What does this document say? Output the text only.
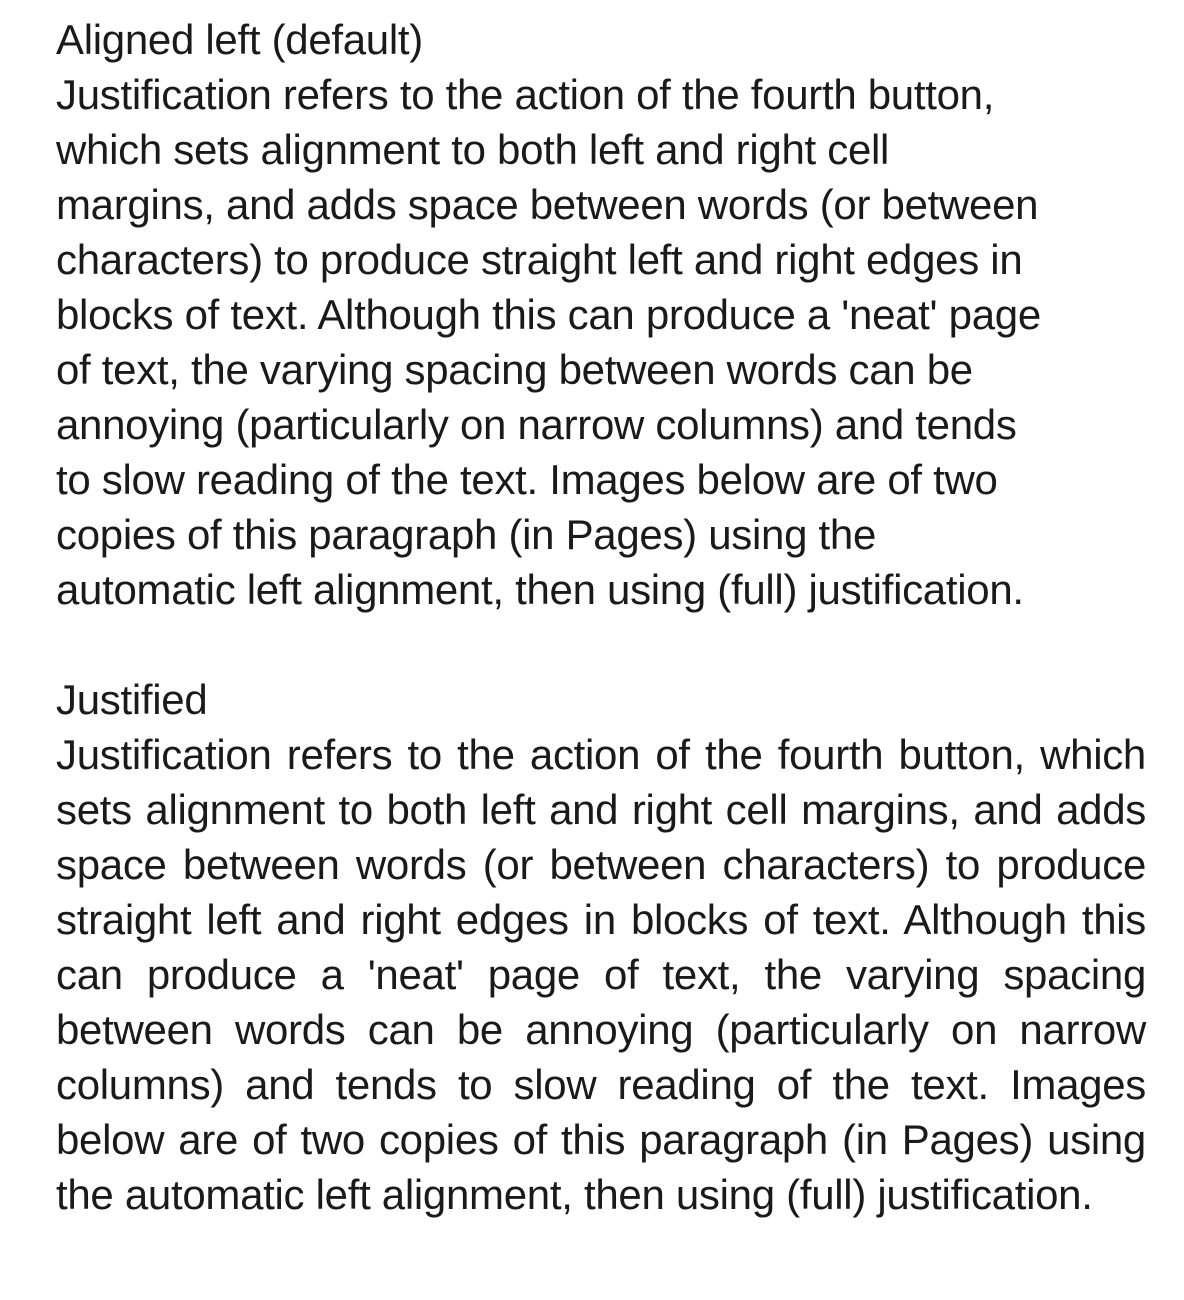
Aligned left (default)

Justification refers to the action of the fourth button,
which sets alignment to both left and right cell
margins, and adds space between words (or between
characters) to produce straight left and right edges in
blocks of text. Although this can produce a 'neat' page
of text, the varying spacing between words can be
annoying (particularly on narrow columns) and tends
to slow reading of the text. Images below are of two
copies of this paragraph (in Pages) using the
automatic left alignment, then using (full) justification.

Justified

Justification refers to the action of the fourth button, which sets alignment to both left and right cell margins, and adds space between words (or between characters) to produce straight left and right edges in blocks of text. Although this can produce a 'neat' page of text, the varying spacing between words can be annoying (particularly on narrow columns) and tends to slow reading of the text. Images below are of two copies of this paragraph (in Pages) using the automatic left alignment, then using (full) justification.
